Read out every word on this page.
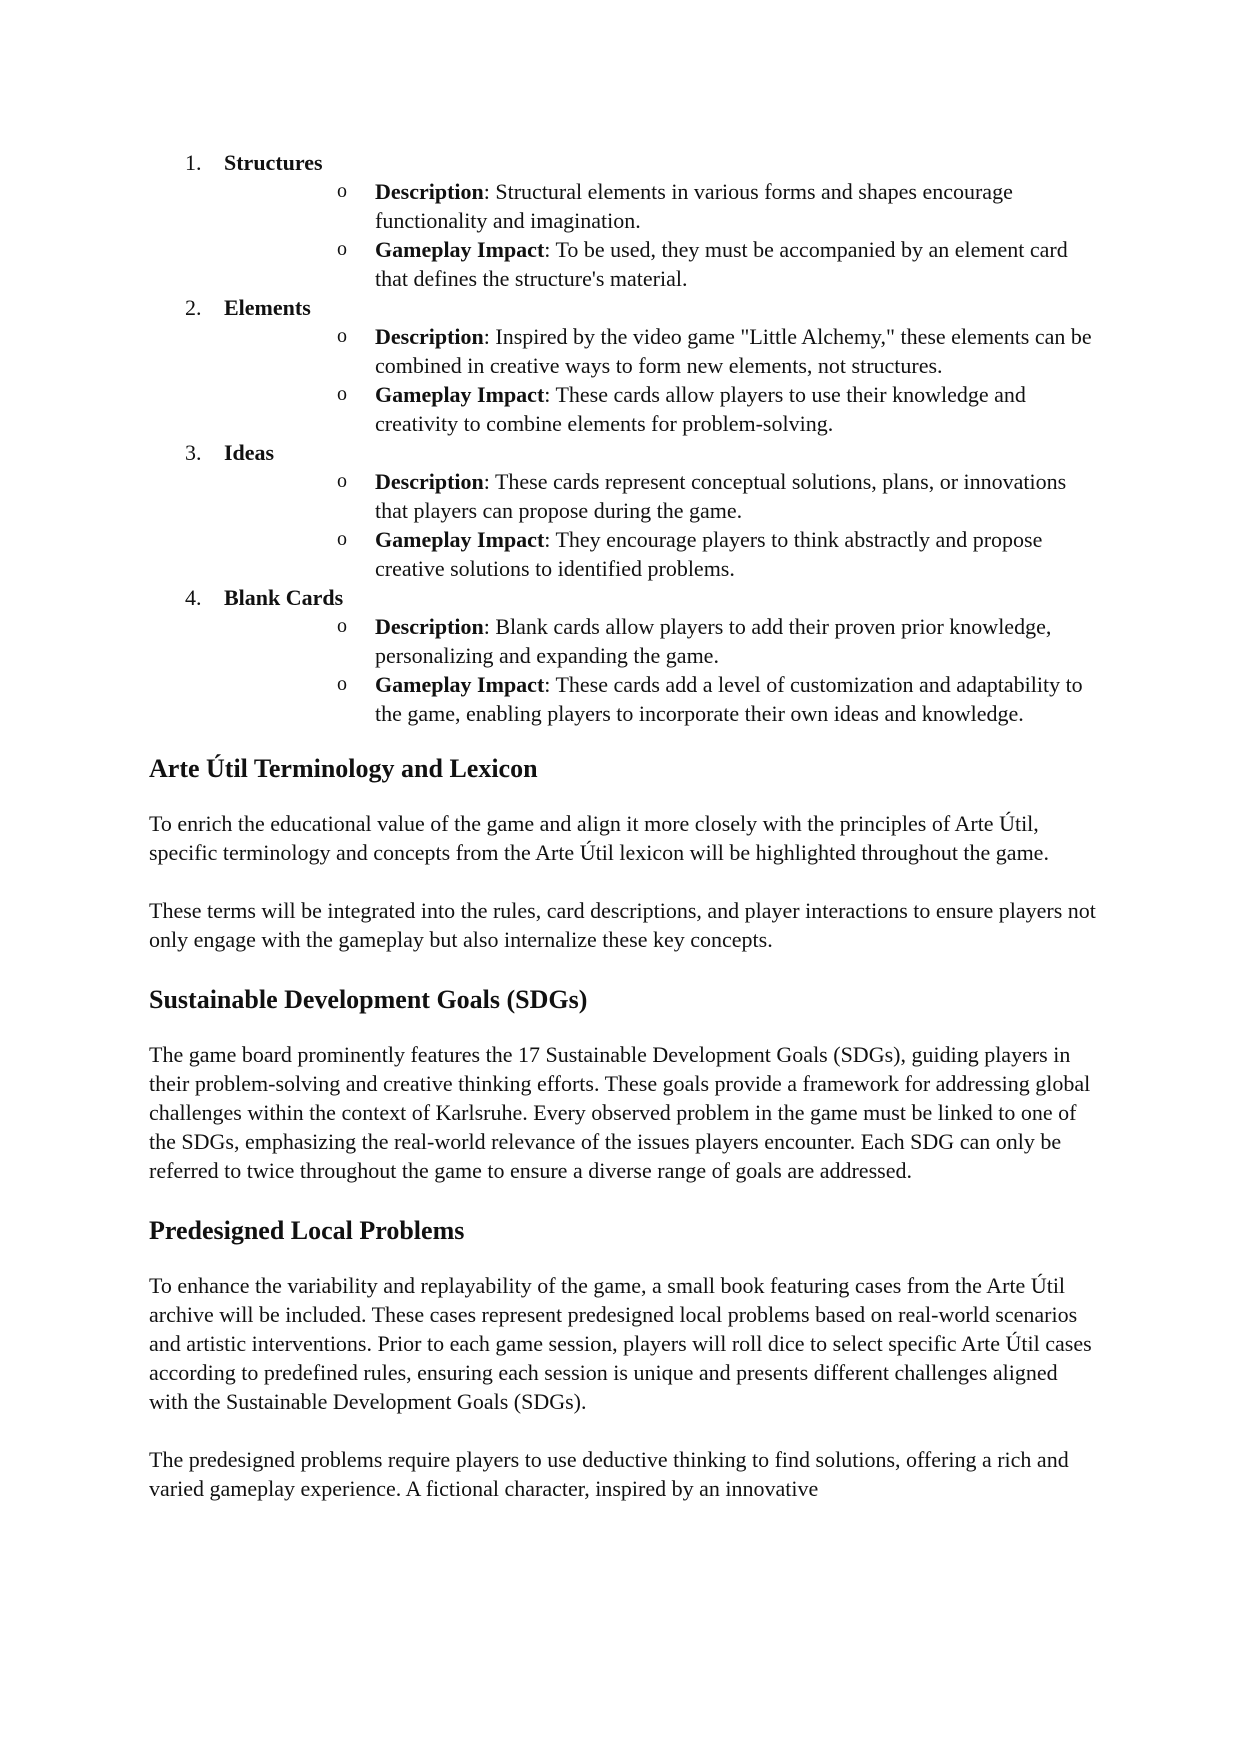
1. Structures
o Description: Structural elements in various forms and shapes encourage functionality and imagination.
o Gameplay Impact: To be used, they must be accompanied by an element card that defines the structure's material.
2. Elements
o Description: Inspired by the video game "Little Alchemy," these elements can be combined in creative ways to form new elements, not structures.
o Gameplay Impact: These cards allow players to use their knowledge and creativity to combine elements for problem-solving.
3. Ideas
o Description: These cards represent conceptual solutions, plans, or innovations that players can propose during the game.
o Gameplay Impact: They encourage players to think abstractly and propose creative solutions to identified problems.
4. Blank Cards
o Description: Blank cards allow players to add their proven prior knowledge, personalizing and expanding the game.
o Gameplay Impact: These cards add a level of customization and adaptability to the game, enabling players to incorporate their own ideas and knowledge.
Arte Útil Terminology and Lexicon

To enrich the educational value of the game and align it more closely with the principles of Arte Útil, specific terminology and concepts from the Arte Útil lexicon will be highlighted throughout the game.

These terms will be integrated into the rules, card descriptions, and player interactions to ensure players not only engage with the gameplay but also internalize these key concepts.

Sustainable Development Goals (SDGs)

The game board prominently features the 17 Sustainable Development Goals (SDGs), guiding players in their problem-solving and creative thinking efforts. These goals provide a framework for addressing global challenges within the context of Karlsruhe. Every observed problem in the game must be linked to one of the SDGs, emphasizing the real-world relevance of the issues players encounter. Each SDG can only be referred to twice throughout the game to ensure a diverse range of goals are addressed.

Predesigned Local Problems

To enhance the variability and replayability of the game, a small book featuring cases from the Arte Útil archive will be included. These cases represent predesigned local problems based on real-world scenarios and artistic interventions. Prior to each game session, players will roll dice to select specific Arte Útil cases according to predefined rules, ensuring each session is unique and presents different challenges aligned with the Sustainable Development Goals (SDGs).

The predesigned problems require players to use deductive thinking to find solutions, offering a rich and varied gameplay experience. A fictional character, inspired by an innovative
